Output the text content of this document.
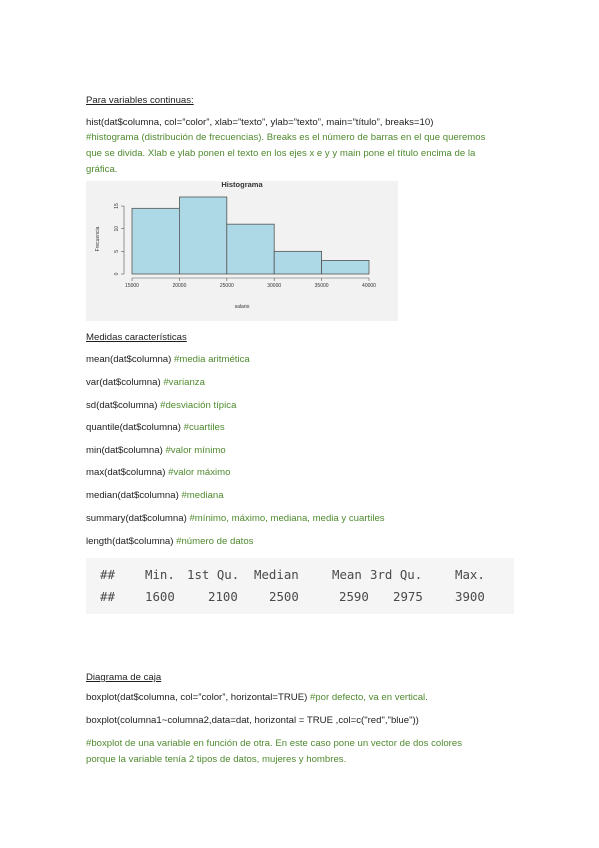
Para variables continuas:
hist(dat$columna, col=”color”, xlab=”texto”, ylab=”texto”, main=”título”, breaks=10)
#histograma (distribución de frecuencias). Breaks es el número de barras en el que queremos
que se divida. Xlab e ylab ponen el texto en los ejes x e y y main pone el título encima de la
gráfica.
Histograma
15000	20000	25000	30000	35000	40000
0
5
10
15
salario
Frecuencia
Medidas características
mean(dat$columna) #media aritmética
var(dat$columna) #varianza
sd(dat$columna) #desviación típica
quantile(dat$columna) #cuartiles
min(dat$columna) #valor mínimo
max(dat$columna) #valor máximo
median(dat$columna) #mediana
summary(dat$columna) #mínimo, máximo, mediana, media y cuartiles
length(dat$columna) #número de datos
## Min. 1st Qu. Median	Mean 3rd Qu.	Max.
## 1600	2100	2500	2590 2975	3900
Diagrama de caja
boxplot(dat$columna, col=”color”, horizontal=TRUE) #por defecto, va en vertical.
boxplot(columna1~columna2,data=dat, horizontal = TRUE ,col=c("red","blue"))
#boxplot de una variable en función de otra. En este caso pone un vector de dos colores
porque la variable tenía 2 tipos de datos, mujeres y hombres.
